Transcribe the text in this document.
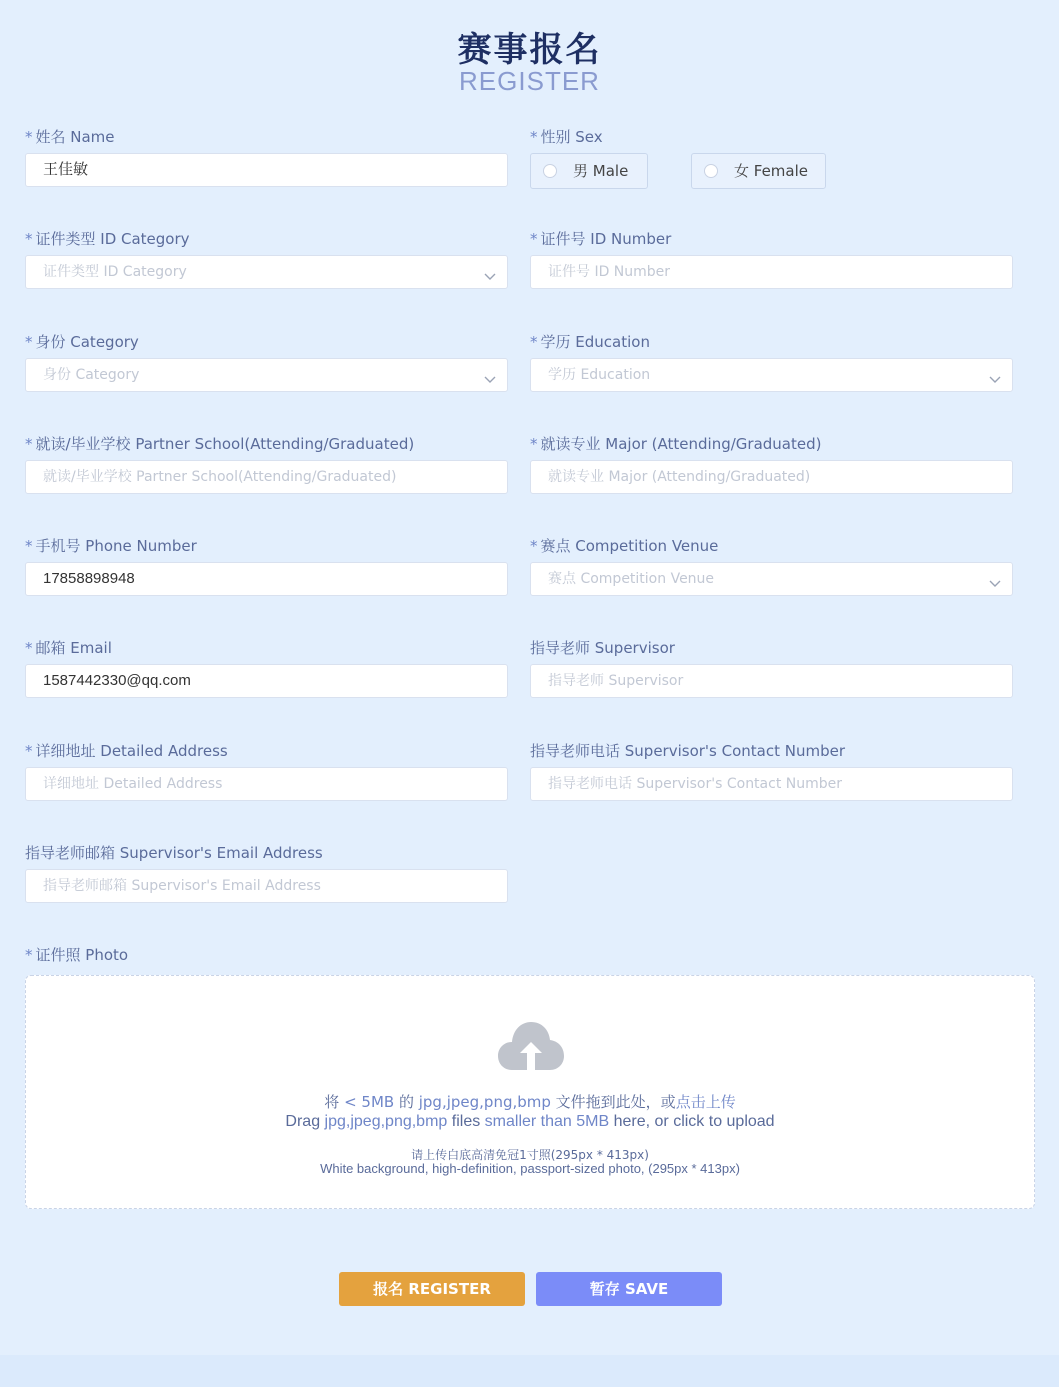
赛事报名
REGISTER
* 姓名 Name
王佳敏
* 性别 Sex
男 Male	女 Female
* 证件类型 ID Category
证件类型 ID Category
* 证件号 ID Number
证件号 ID Number
* 身份 Category
身份 Category
* 学历 Education
学历 Education
* 就读/毕业学校 Partner School(Attending/Graduated)
就读/毕业学校 Partner School(Attending/Graduated)
* 就读专业 Major (Attending/Graduated)
就读专业 Major (Attending/Graduated)
* 手机号 Phone Number
17858898948
* 赛点 Competition Venue
赛点 Competition Venue
* 邮箱 Email
1587442330@qq.com
指导老师 Supervisor
指导老师 Supervisor
* 详细地址 Detailed Address
详细地址 Detailed Address
指导老师电话 Supervisor's Contact Number
指导老师电话 Supervisor's Contact Number
指导老师邮箱 Supervisor's Email Address
指导老师邮箱 Supervisor's Email Address
* 证件照 Photo
将 < 5MB 的 jpg,jpeg,png,bmp 文件拖到此处，或点击上传
Drag jpg,jpeg,png,bmp files smaller than 5MB here, or click to upload
请上传白底高清免冠1寸照(295px * 413px)
White background, high-definition, passport-sized photo, (295px * 413px)
报名 REGISTER	暂存 SAVE
